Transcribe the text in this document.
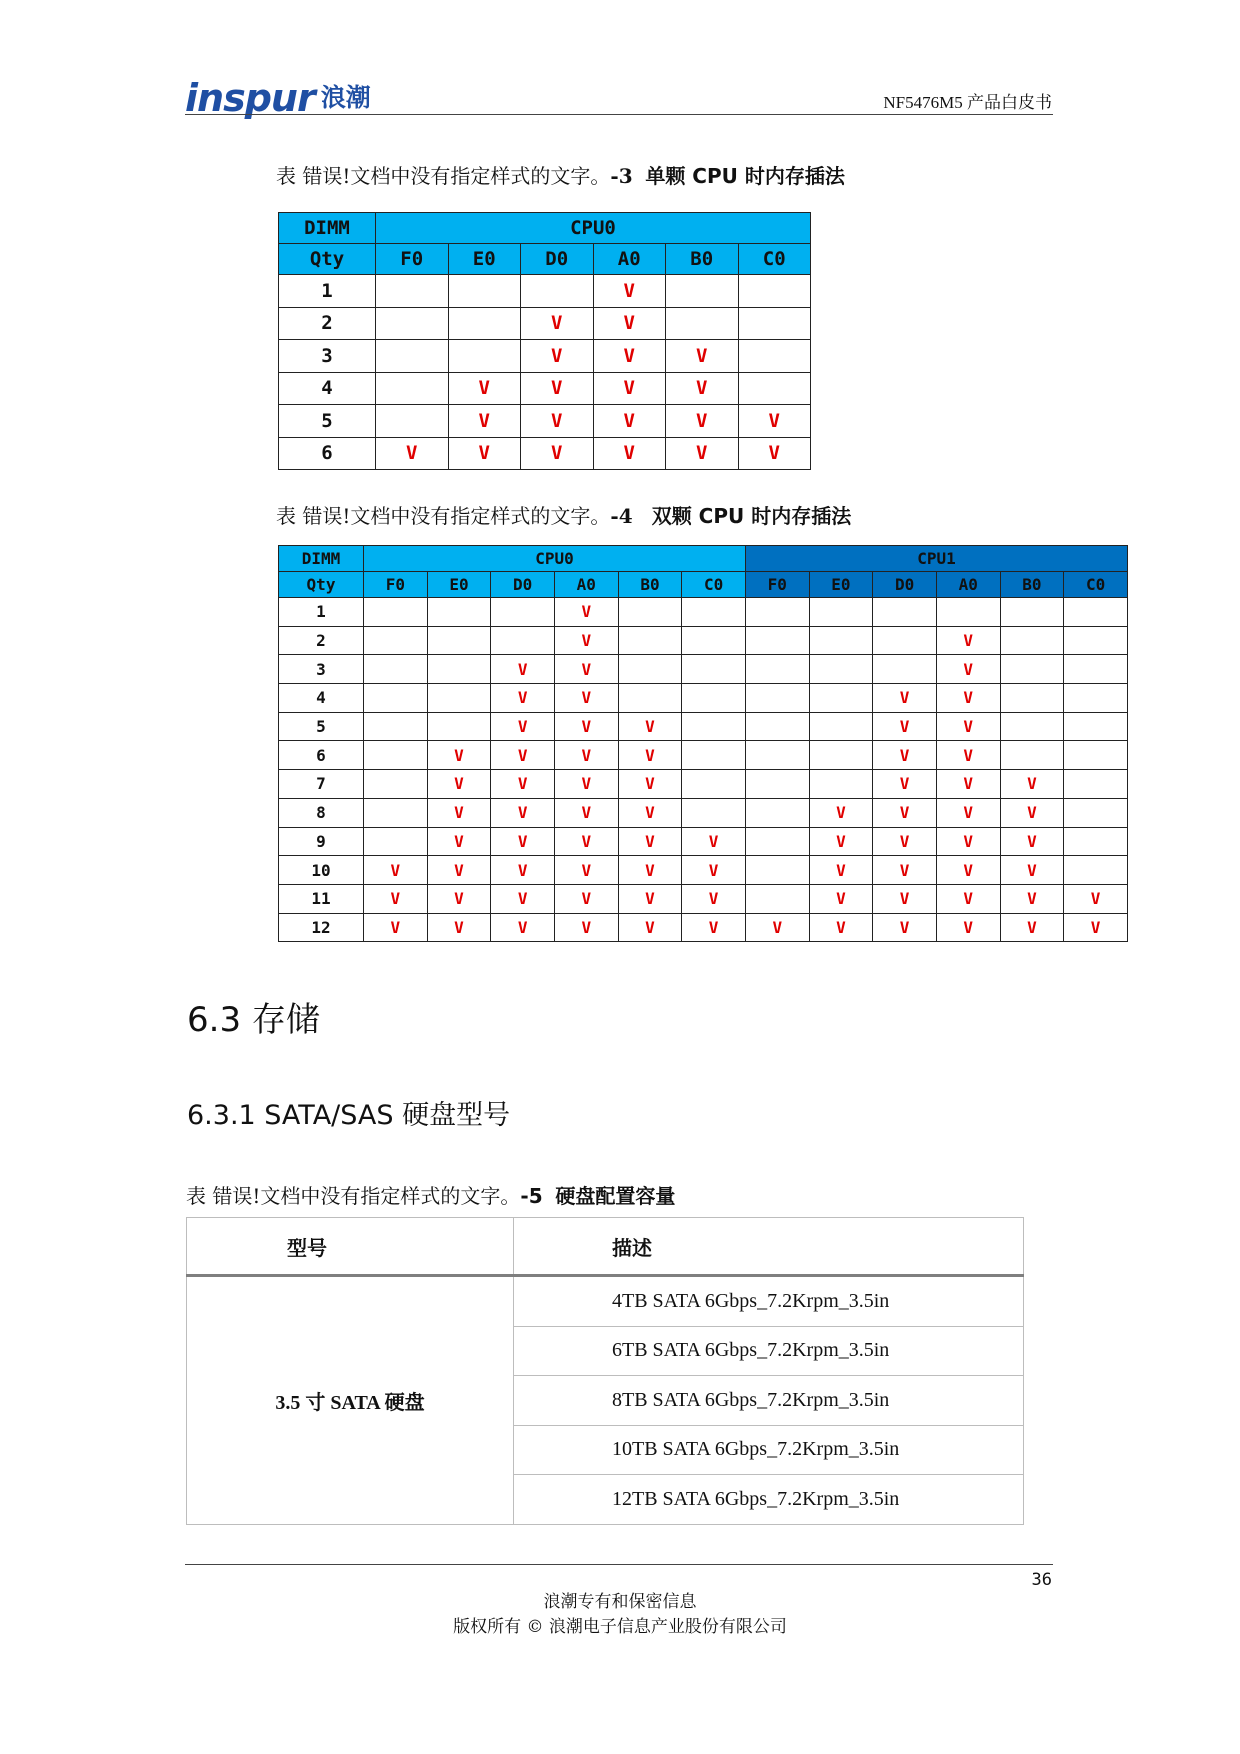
inspur 浪潮	NF5476M5 产品白皮书
表 错误!文档中没有指定样式的文字。-3 单颗 CPU 时内存插法
DIMM	CPU0					
Qty	F0	E0	D0	A0	B0	C0
1				V		
2			V	V		
3			V	V	V	
4		V	V	V	V	
5		V	V	V	V	V
6	V	V	V	V	V	V
表 错误!文档中没有指定样式的文字。-4 双颗 CPU 时内存插法
DIMM	CPU0						CPU1					
Qty	F0	E0	D0	A0	B0	C0	F0	E0	D0	A0	B0	C0
1				V								
2				V						V		
3			V	V						V		
4			V	V					V	V		
5			V	V	V				V	V		
6		V	V	V	V				V	V		
7		V	V	V	V				V	V	V	
8		V	V	V	V			V	V	V	V	
9		V	V	V	V	V		V	V	V	V	
10	V	V	V	V	V	V		V	V	V	V	
11	V	V	V	V	V	V		V	V	V	V	V
12	V	V	V	V	V	V	V	V	V	V	V	V
6.3 存储
6.3.1 SATA/SAS 硬盘型号
表 错误!文档中没有指定样式的文字。-5 硬盘配置容量
型号	描述
3.5 寸 SATA 硬盘	4TB SATA 6Gbps_7.2Krpm_3.5in
	6TB SATA 6Gbps_7.2Krpm_3.5in
	8TB SATA 6Gbps_7.2Krpm_3.5in
	10TB SATA 6Gbps_7.2Krpm_3.5in
	12TB SATA 6Gbps_7.2Krpm_3.5in
36
浪潮专有和保密信息
版权所有 © 浪潮电子信息产业股份有限公司
